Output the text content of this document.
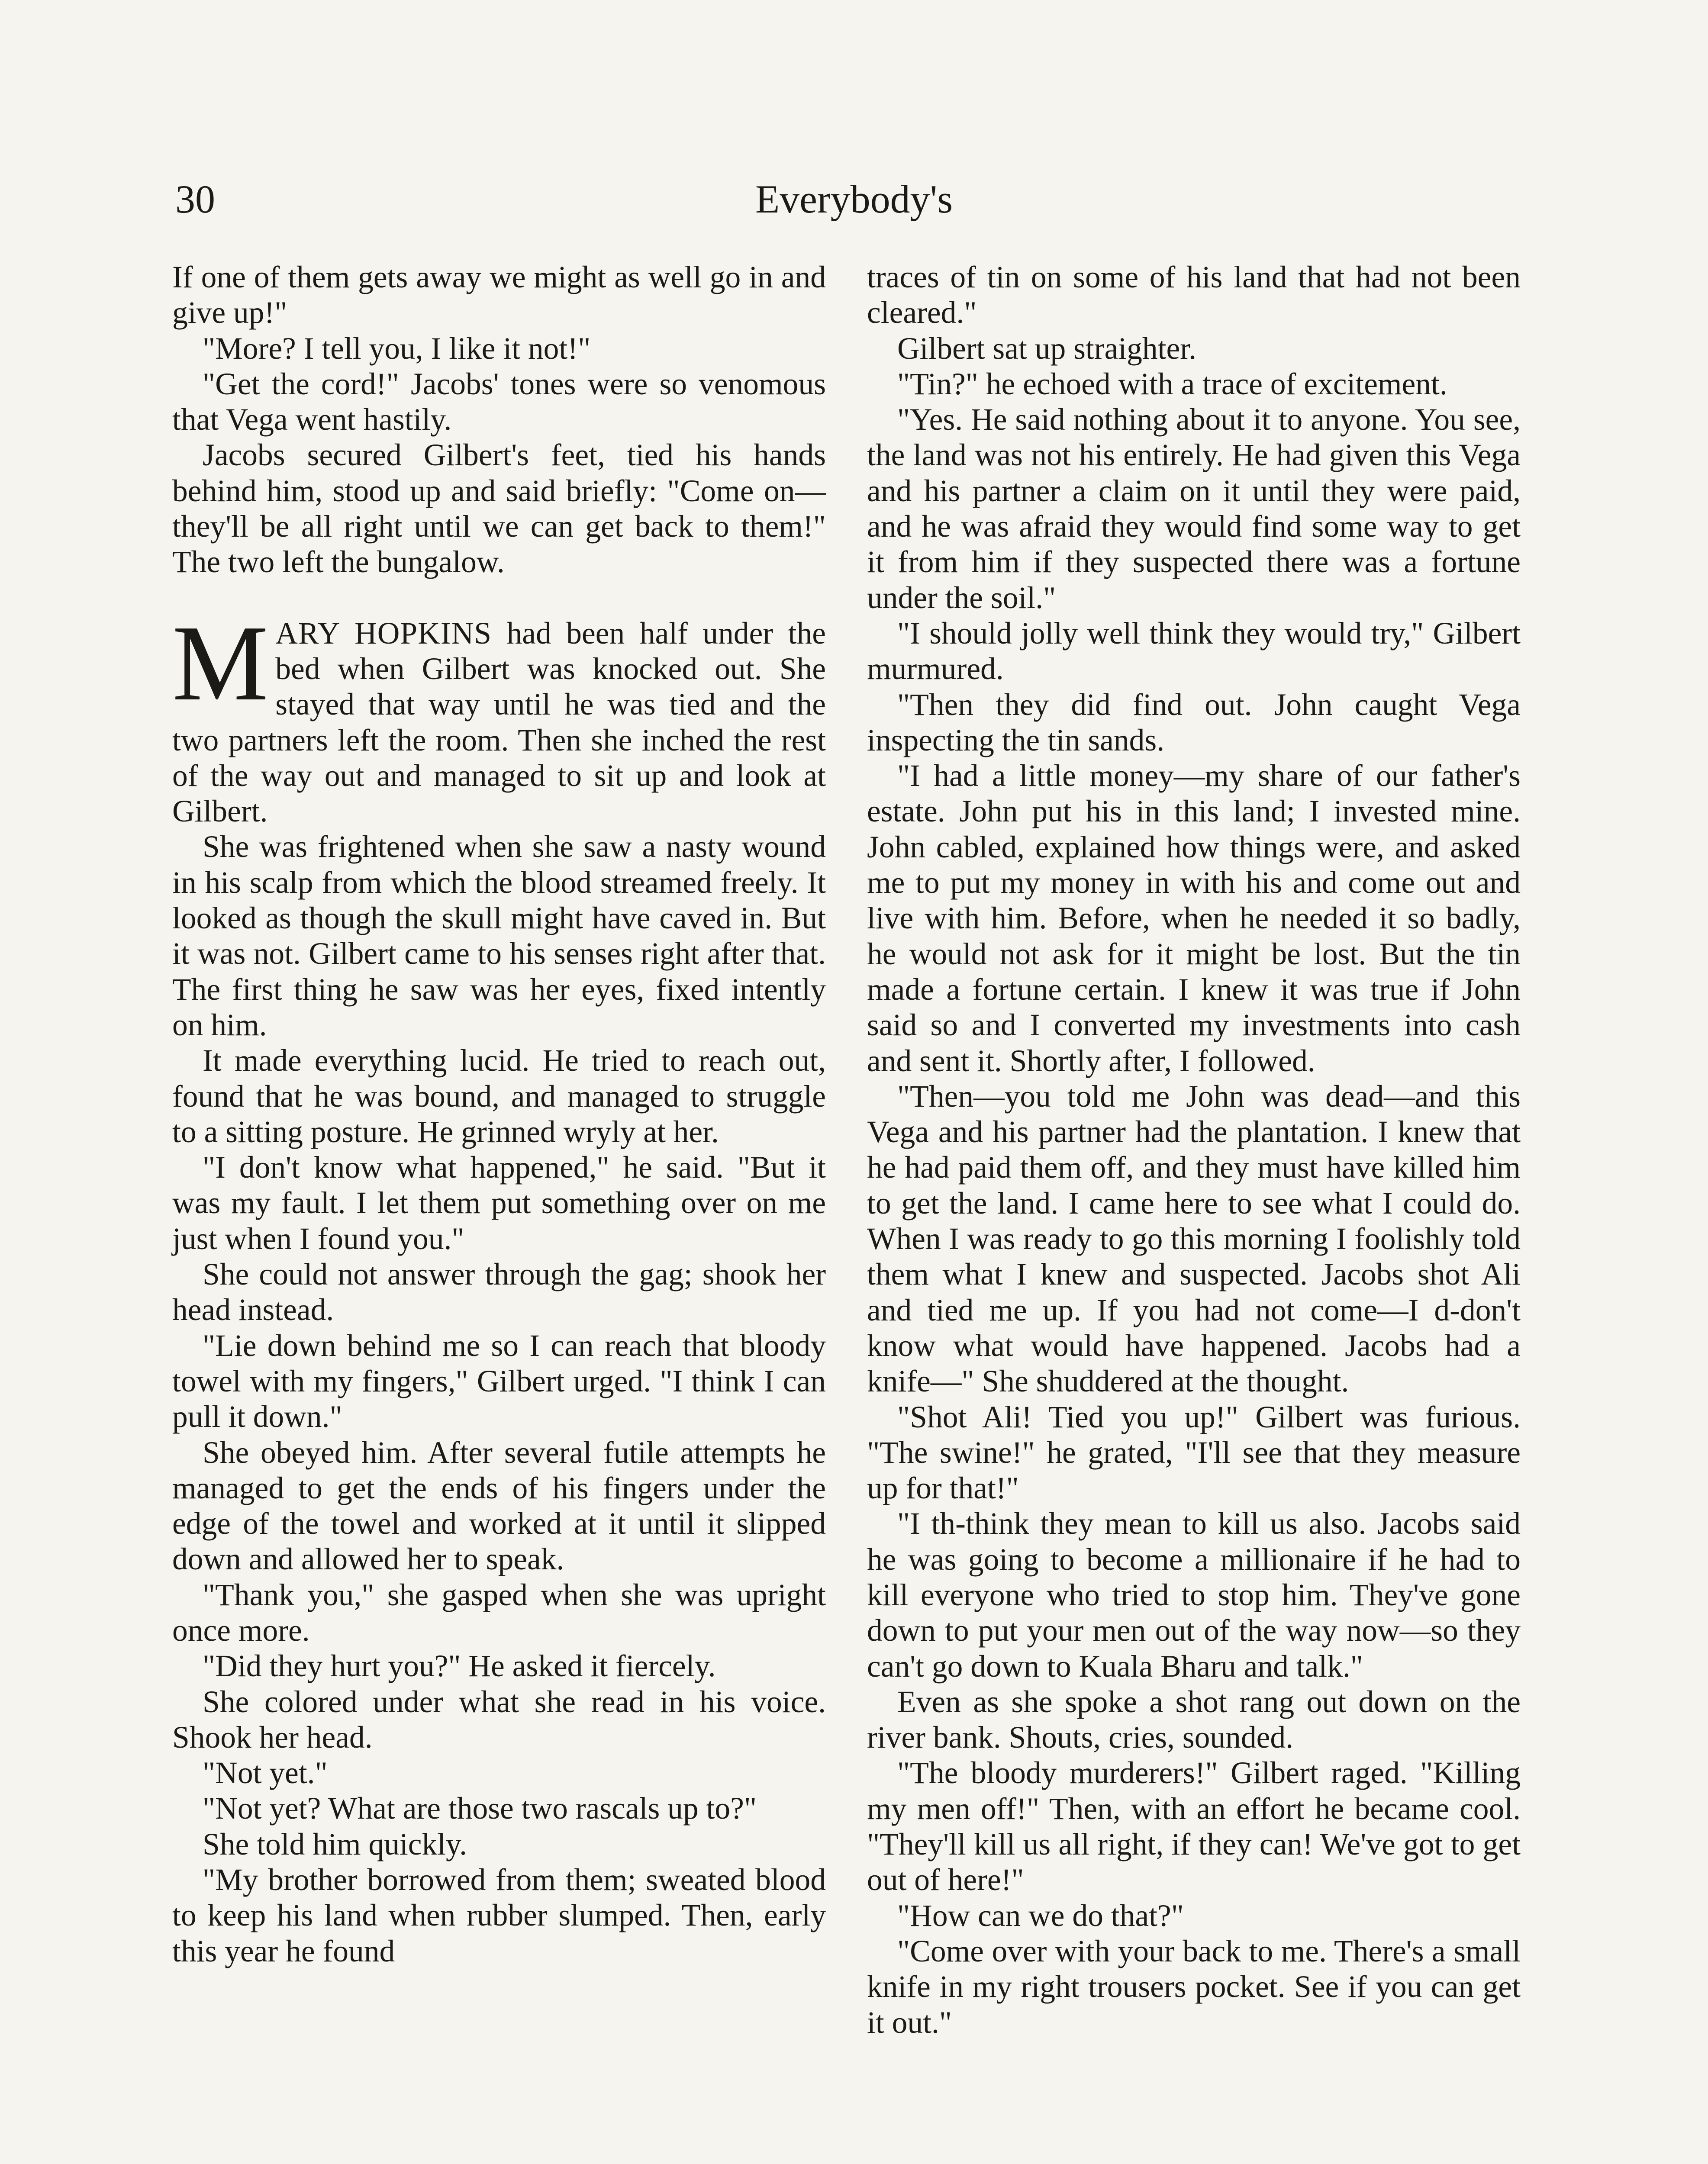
30	Everybody's

If one of them gets away we might as well go in and give up!"

"More? I tell you, I like it not!"

"Get the cord!" Jacobs' tones were so venomous that Vega went hastily.

Jacobs secured Gilbert's feet, tied his hands behind him, stood up and said briefly: "Come on—they'll be all right until we can get back to them!" The two left the bungalow.

MARY HOPKINS had been half under the bed when Gilbert was knocked out. She stayed that way until he was tied and the two partners left the room. Then she inched the rest of the way out and managed to sit up and look at Gilbert.

She was frightened when she saw a nasty wound in his scalp from which the blood streamed freely. It looked as though the skull might have caved in. But it was not. Gilbert came to his senses right after that. The first thing he saw was her eyes, fixed intently on him.

It made everything lucid. He tried to reach out, found that he was bound, and managed to struggle to a sitting posture. He grinned wryly at her.

"I don't know what happened," he said. "But it was my fault. I let them put something over on me just when I found you."

She could not answer through the gag; shook her head instead.

"Lie down behind me so I can reach that bloody towel with my fingers," Gilbert urged. "I think I can pull it down."

She obeyed him. After several futile attempts he managed to get the ends of his fingers under the edge of the towel and worked at it until it slipped down and allowed her to speak.

"Thank you," she gasped when she was upright once more.

"Did they hurt you?" He asked it fiercely.

She colored under what she read in his voice. Shook her head.

"Not yet."

"Not yet? What are those two rascals up to?"

She told him quickly.

"My brother borrowed from them; sweated blood to keep his land when rubber slumped. Then, early this year he found

traces of tin on some of his land that had not been cleared."

Gilbert sat up straighter.

"Tin?" he echoed with a trace of excitement.

"Yes. He said nothing about it to anyone. You see, the land was not his entirely. He had given this Vega and his partner a claim on it until they were paid, and he was afraid they would find some way to get it from him if they suspected there was a fortune under the soil."

"I should jolly well think they would try," Gilbert murmured.

"Then they did find out. John caught Vega inspecting the tin sands.

"I had a little money—my share of our father's estate. John put his in this land; I invested mine. John cabled, explained how things were, and asked me to put my money in with his and come out and live with him. Before, when he needed it so badly, he would not ask for it might be lost. But the tin made a fortune certain. I knew it was true if John said so and I converted my investments into cash and sent it. Shortly after, I followed.

"Then—you told me John was dead—and this Vega and his partner had the plantation. I knew that he had paid them off, and they must have killed him to get the land. I came here to see what I could do. When I was ready to go this morning I foolishly told them what I knew and suspected. Jacobs shot Ali and tied me up. If you had not come—I d-don't know what would have happened. Jacobs had a knife—" She shuddered at the thought.

"Shot Ali! Tied you up!" Gilbert was furious. "The swine!" he grated, "I'll see that they measure up for that!"

"I th-think they mean to kill us also. Jacobs said he was going to become a millionaire if he had to kill everyone who tried to stop him. They've gone down to put your men out of the way now—so they can't go down to Kuala Bharu and talk."

Even as she spoke a shot rang out down on the river bank. Shouts, cries, sounded.

"The bloody murderers!" Gilbert raged. "Killing my men off!" Then, with an effort he became cool. "They'll kill us all right, if they can! We've got to get out of here!"

"How can we do that?"

"Come over with your back to me. There's a small knife in my right trousers pocket. See if you can get it out."
